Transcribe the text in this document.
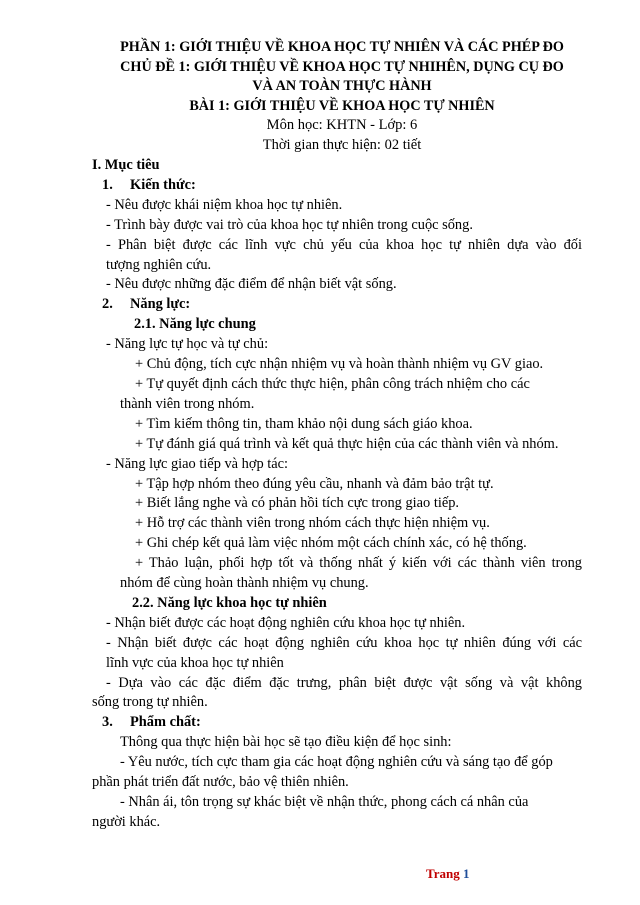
PHẦN 1: GIỚI THIỆU VỀ KHOA HỌC TỰ NHIÊN VÀ CÁC PHÉP ĐO

CHỦ ĐỀ 1: GIỚI THIỆU VỀ KHOA HỌC TỰ NHIHÊN, DỤNG CỤ ĐO

VÀ AN TOÀN THỰC HÀNH

BÀI 1: GIỚI THIỆU VỀ KHOA HỌC TỰ NHIÊN

Môn học: KHTN - Lớp: 6

Thời gian thực hiện: 02 tiết

I. Mục tiêu

1. Kiến thức:

- Nêu được khái niệm khoa học tự nhiên.

- Trình bày được vai trò của khoa học tự nhiên trong cuộc sống.

- Phân biệt được các lĩnh vực chủ yếu của khoa học tự nhiên dựa vào đối

tượng nghiên cứu.

- Nêu được những đặc điểm để nhận biết vật sống.

2. Năng lực:

2.1. Năng lực chung

- Năng lực tự học và tự chủ:

+ Chủ động, tích cực nhận nhiệm vụ và hoàn thành nhiệm vụ GV giao.

+ Tự quyết định cách thức thực hiện, phân công trách nhiệm cho các

thành viên trong nhóm.

+ Tìm kiếm thông tin, tham khảo nội dung sách giáo khoa.

+ Tự đánh giá quá trình và kết quả thực hiện của các thành viên và nhóm.

- Năng lực giao tiếp và hợp tác:

+ Tập hợp nhóm theo đúng yêu cầu, nhanh và đảm bảo trật tự.

+ Biết lắng nghe và có phản hồi tích cực trong giao tiếp.

+ Hỗ trợ các thành viên trong nhóm cách thực hiện nhiệm vụ.

+ Ghi chép kết quả làm việc nhóm một cách chính xác, có hệ thống.

+ Thảo luận, phối hợp tốt và thống nhất ý kiến với các thành viên trong

nhóm để cùng hoàn thành nhiệm vụ chung.

2.2. Năng lực khoa học tự nhiên

- Nhận biết được các hoạt động nghiên cứu khoa học tự nhiên.

- Nhận biết được các hoạt động nghiên cứu khoa học tự nhiên đúng với các

lĩnh vực của khoa học tự nhiên

- Dựa vào các đặc điểm đặc trưng, phân biệt được vật sống và vật không

sống trong tự nhiên.

3. Phẩm chất:

Thông qua thực hiện bài học sẽ tạo điều kiện để học sinh:

- Yêu nước, tích cực tham gia các hoạt động nghiên cứu và sáng tạo để góp

phần phát triển đất nước, bảo vệ thiên nhiên.

- Nhân ái, tôn trọng sự khác biệt về nhận thức, phong cách cá nhân của

người khác.

Trang 1
